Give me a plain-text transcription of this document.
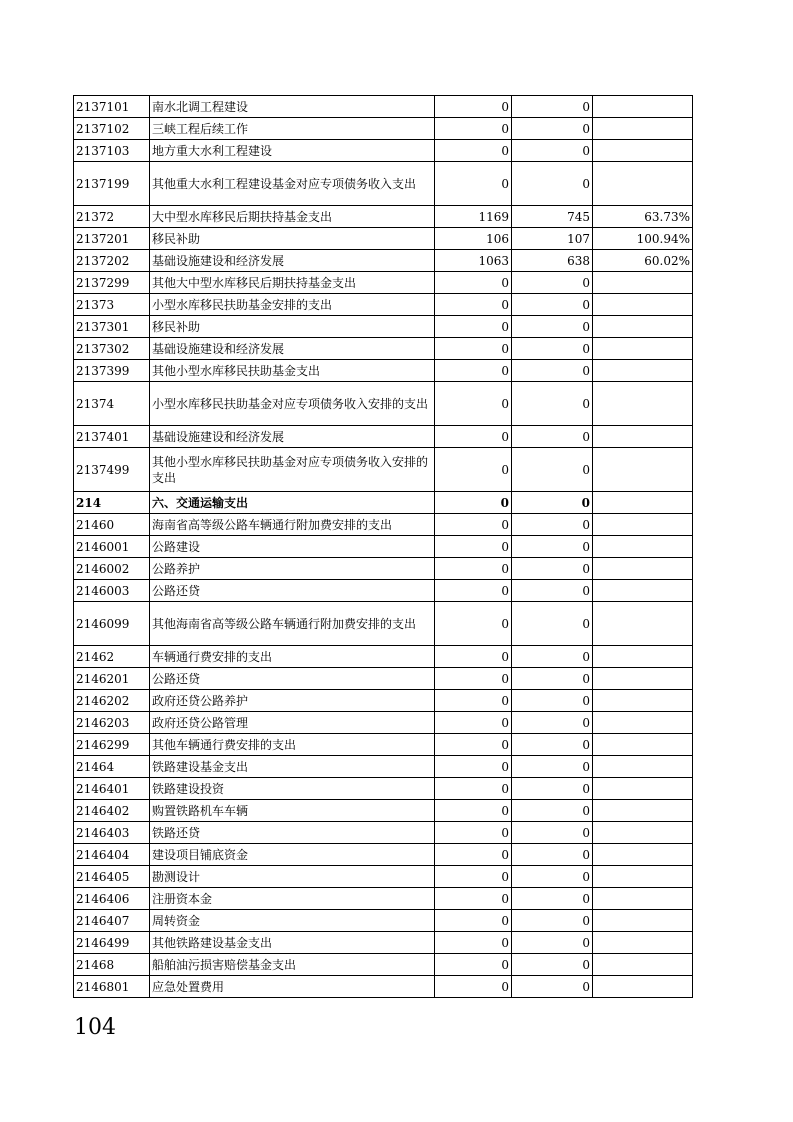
2137101	南水北调工程建设	0	0	
2137102	三峡工程后续工作	0	0	
2137103	地方重大水利工程建设	0	0	
2137199	其他重大水利工程建设基金对应专项债务收入支出	0	0	
21372	大中型水库移民后期扶持基金支出	1169	745	63.73%
2137201	移民补助	106	107	100.94%
2137202	基础设施建设和经济发展	1063	638	60.02%
2137299	其他大中型水库移民后期扶持基金支出	0	0	
21373	小型水库移民扶助基金安排的支出	0	0	
2137301	移民补助	0	0	
2137302	基础设施建设和经济发展	0	0	
2137399	其他小型水库移民扶助基金支出	0	0	
21374	小型水库移民扶助基金对应专项债务收入安排的支出	0	0	
2137401	基础设施建设和经济发展	0	0	
2137499	其他小型水库移民扶助基金对应专项债务收入安排的支出	0	0	
214	六、交通运输支出	0	0	
21460	海南省高等级公路车辆通行附加费安排的支出	0	0	
2146001	公路建设	0	0	
2146002	公路养护	0	0	
2146003	公路还贷	0	0	
2146099	其他海南省高等级公路车辆通行附加费安排的支出	0	0	
21462	车辆通行费安排的支出	0	0	
2146201	公路还贷	0	0	
2146202	政府还贷公路养护	0	0	
2146203	政府还贷公路管理	0	0	
2146299	其他车辆通行费安排的支出	0	0	
21464	铁路建设基金支出	0	0	
2146401	铁路建设投资	0	0	
2146402	购置铁路机车车辆	0	0	
2146403	铁路还贷	0	0	
2146404	建设项目铺底资金	0	0	
2146405	勘测设计	0	0	
2146406	注册资本金	0	0	
2146407	周转资金	0	0	
2146499	其他铁路建设基金支出	0	0	
21468	船舶油污损害赔偿基金支出	0	0	
2146801	应急处置费用	0	0	
104
